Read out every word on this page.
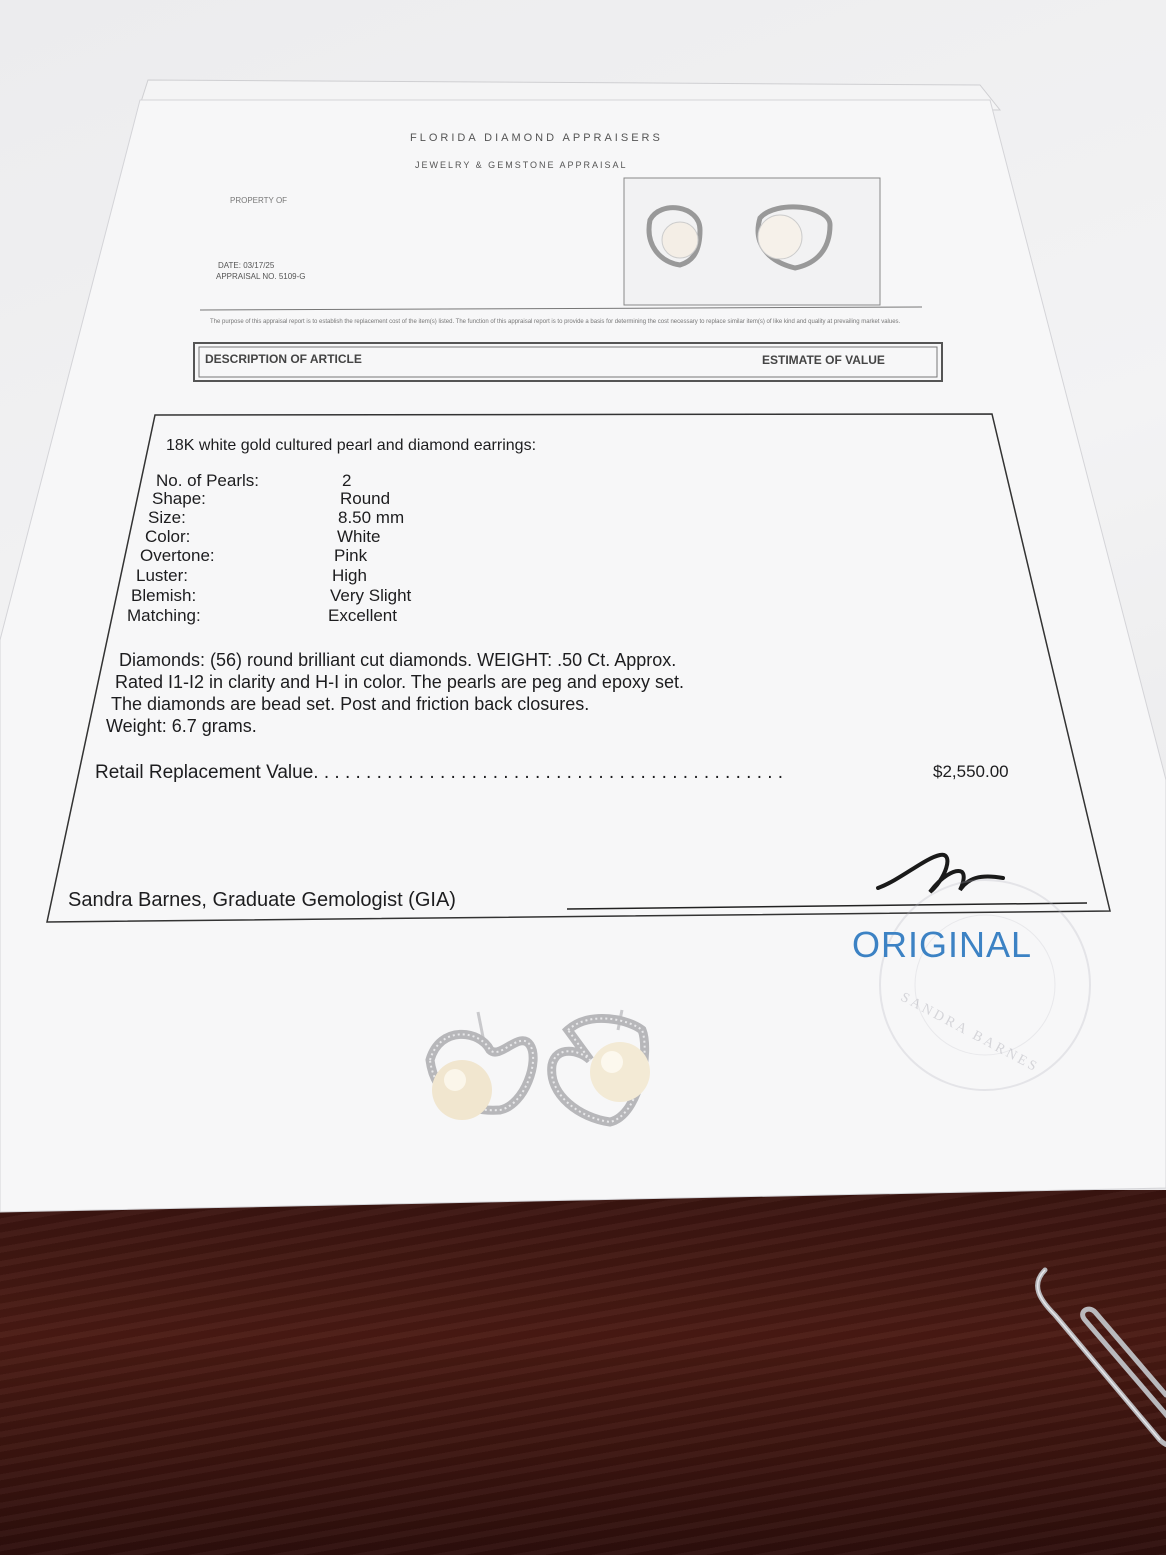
FLORIDA DIAMOND APPRAISERS
JEWELRY & GEMSTONE APPRAISAL
PROPERTY OF
DATE: 03/17/25
APPRAISAL NO. 5109-G
The purpose of this appraisal report is to establish the replacement cost of the item(s) listed. The function of this appraisal report is to provide a basis for determining the cost necessary to replace similar item(s) of like kind and quality at prevailing market values.
DESCRIPTION OF ARTICLE	ESTIMATE OF VALUE
18K white gold cultured pearl and diamond earrings:
No. of Pearls:	2
Shape:	Round
Size:	8.50 mm
Color:	White
Overtone:	Pink
Luster:	High
Blemish:	Very Slight
Matching:	Excellent
Diamonds: (56) round brilliant cut diamonds. WEIGHT: .50 Ct. Approx.
Rated I1-I2 in clarity and H-I in color. The pearls are peg and epoxy set.
The diamonds are bead set. Post and friction back closures.
Weight: 6.7 grams.
Retail Replacement Value. . . . . . . . . . . . . . . . . . . . . . . . . . . . . . . . . . . . . . . . . . . . .	$2,550.00
Sandra Barnes, Graduate Gemologist (GIA)
ORIGINAL
SANDRA BARNES
